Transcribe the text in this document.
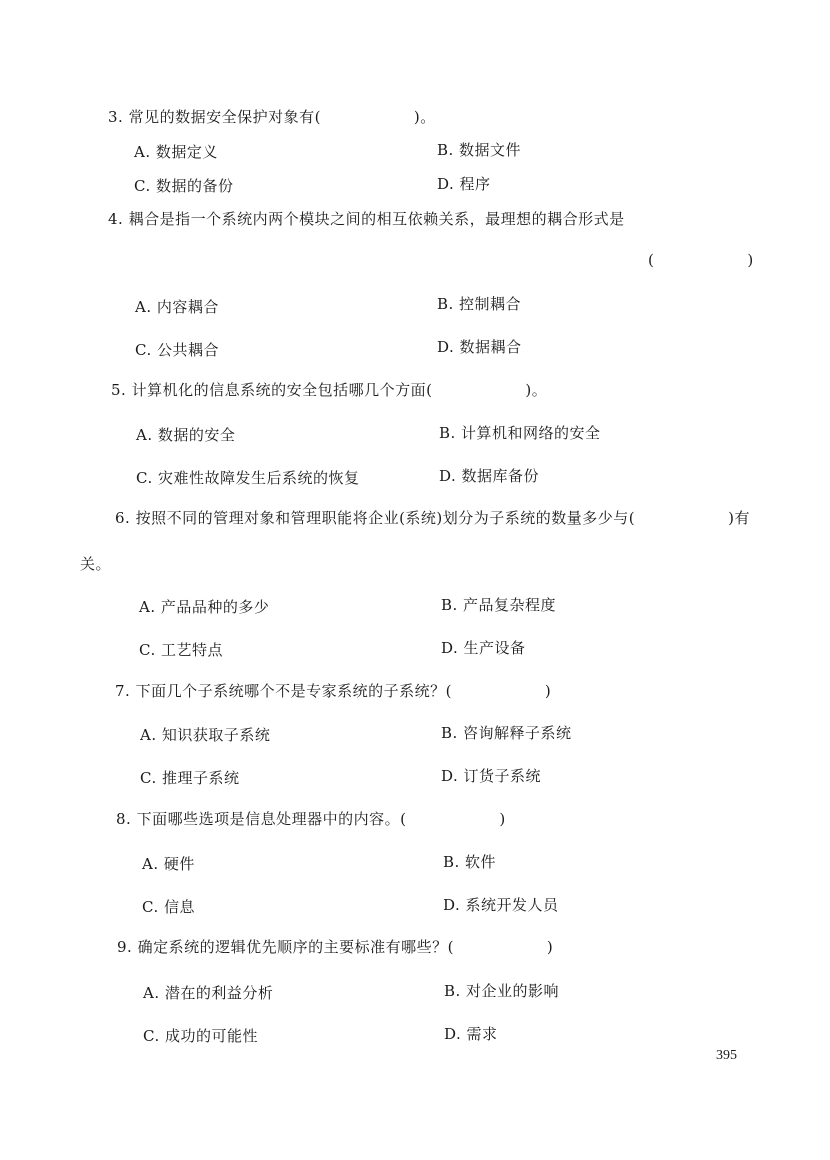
3. 常见的数据安全保护对象有(　　　　　　)。
A. 数据定义	B. 数据文件
C. 数据的备份	D. 程序
4. 耦合是指一个系统内两个模块之间的相互依赖关系，最理想的耦合形式是
(　　　　　　)
A. 内容耦合	B. 控制耦合
C. 公共耦合	D. 数据耦合
5. 计算机化的信息系统的安全包括哪几个方面(　　　　　　)。
A. 数据的安全	B. 计算机和网络的安全
C. 灾难性故障发生后系统的恢复	D. 数据库备份
6. 按照不同的管理对象和管理职能将企业(系统)划分为子系统的数量多少与(　　　　　　)有
关。
A. 产品品种的多少	B. 产品复杂程度
C. 工艺特点	D. 生产设备
7. 下面几个子系统哪个不是专家系统的子系统？(　　　　　　)
A. 知识获取子系统	B. 咨询解释子系统
C. 推理子系统	D. 订货子系统
8. 下面哪些选项是信息处理器中的内容。(　　　　　　)
A. 硬件	B. 软件
C. 信息	D. 系统开发人员
9. 确定系统的逻辑优先顺序的主要标准有哪些？(　　　　　　)
A. 潜在的利益分析	B. 对企业的影响
C. 成功的可能性	D. 需求
395
